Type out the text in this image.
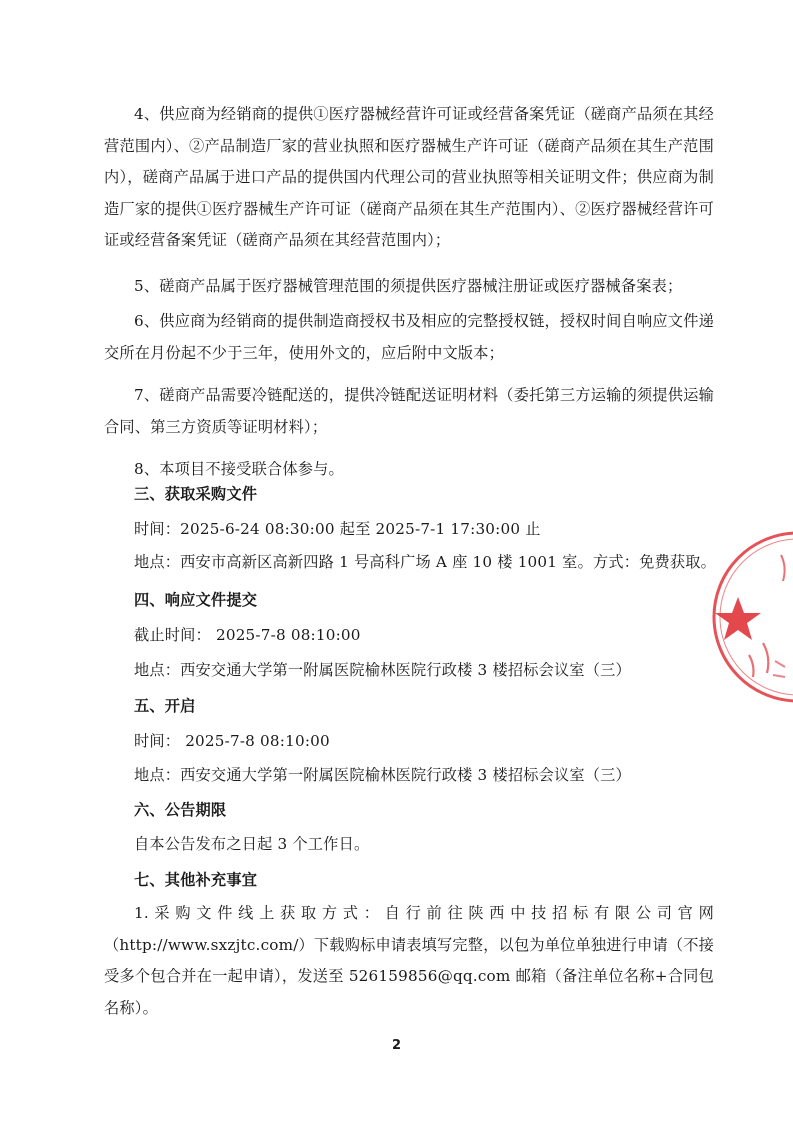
4、供应商为经销商的提供①医疗器械经营许可证或经营备案凭证（磋商产品须在其经营范围内）、②产品制造厂家的营业执照和医疗器械生产许可证（磋商产品须在其生产范围内），磋商产品属于进口产品的提供国内代理公司的营业执照等相关证明文件；供应商为制造厂家的提供①医疗器械生产许可证（磋商产品须在其生产范围内）、②医疗器械经营许可证或经营备案凭证（磋商产品须在其经营范围内）；

5、磋商产品属于医疗器械管理范围的须提供医疗器械注册证或医疗器械备案表；

6、供应商为经销商的提供制造商授权书及相应的完整授权链，授权时间自响应文件递交所在月份起不少于三年，使用外文的，应后附中文版本；

7、磋商产品需要冷链配送的，提供冷链配送证明材料（委托第三方运输的须提供运输合同、第三方资质等证明材料）；

8、本项目不接受联合体参与。

三、获取采购文件

时间：2025-6-24 08:30:00 起至 2025-7-1 17:30:00 止

地点：西安市高新区高新四路 1 号高科广场 A 座 10 楼 1001 室。方式：免费获取。

四、响应文件提交

截止时间： 2025-7-8 08:10:00

地点：西安交通大学第一附属医院榆林医院行政楼 3 楼招标会议室（三）

五、开启

时间： 2025-7-8 08:10:00

地点：西安交通大学第一附属医院榆林医院行政楼 3 楼招标会议室（三）

六、公告期限

自本公告发布之日起 3 个工作日。

七、其他补充事宜

1.采购文件线上获取方式：自行前往陕西中技招标有限公司官网（http://www.sxzjtc.com/）下载购标申请表填写完整，以包为单位单独进行申请（不接受多个包合并在一起申请），发送至 526159856@qq.com 邮箱（备注单位名称+合同包名称）。

2
